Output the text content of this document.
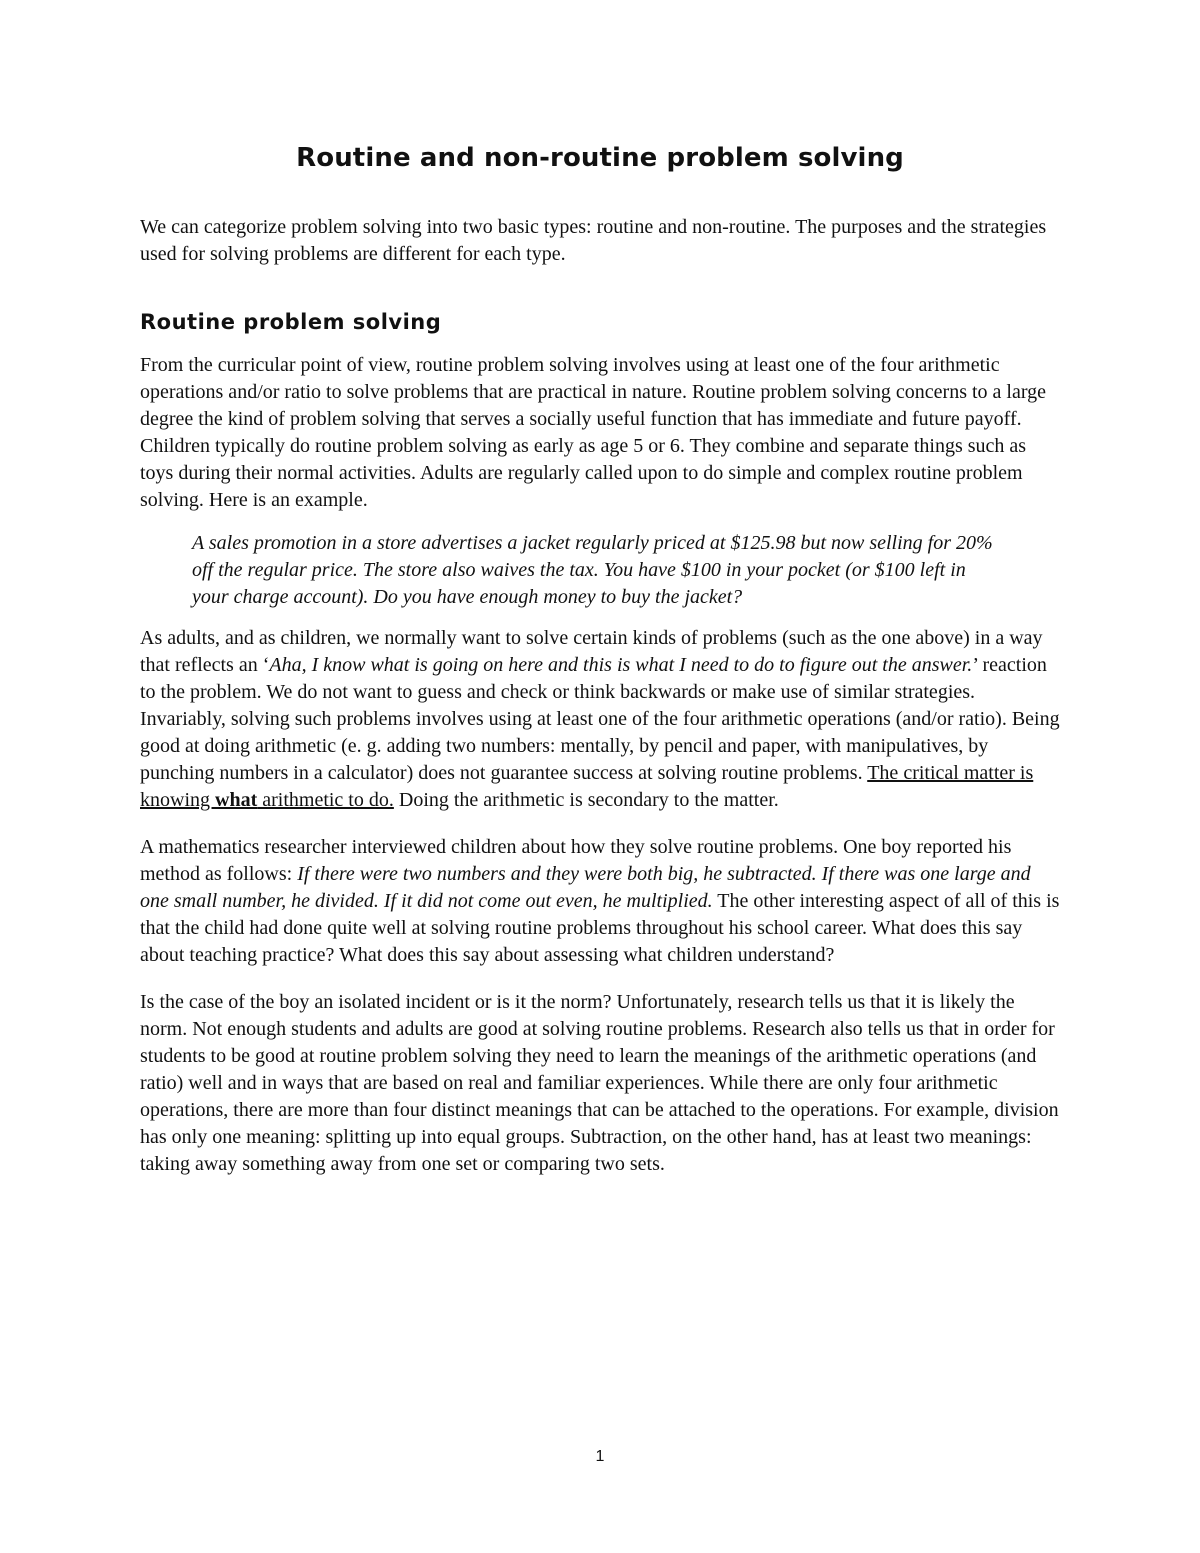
Routine and non-routine problem solving

We can categorize problem solving into two basic types: routine and non-routine. The purposes and the strategies used for solving problems are different for each type.

Routine problem solving

From the curricular point of view, routine problem solving involves using at least one of the four arithmetic operations and/or ratio to solve problems that are practical in nature. Routine problem solving concerns to a large degree the kind of problem solving that serves a socially useful function that has immediate and future payoff. Children typically do routine problem solving as early as age 5 or 6. They combine and separate things such as toys during their normal activities. Adults are regularly called upon to do simple and complex routine problem solving. Here is an example.

A sales promotion in a store advertises a jacket regularly priced at $125.98 but now selling for 20% off the regular price. The store also waives the tax. You have $100 in your pocket (or $100 left in your charge account). Do you have enough money to buy the jacket?

As adults, and as children, we normally want to solve certain kinds of problems (such as the one above) in a way that reflects an ‘Aha, I know what is going on here and this is what I need to do to figure out the answer.’ reaction to the problem. We do not want to guess and check or think backwards or make use of similar strategies. Invariably, solving such problems involves using at least one of the four arithmetic operations (and/or ratio). Being good at doing arithmetic (e. g. adding two numbers: mentally, by pencil and paper, with manipulatives, by punching numbers in a calculator) does not guarantee success at solving routine problems. The critical matter is knowing what arithmetic to do. Doing the arithmetic is secondary to the matter.

A mathematics researcher interviewed children about how they solve routine problems. One boy reported his method as follows: If there were two numbers and they were both big, he subtracted. If there was one large and one small number, he divided. If it did not come out even, he multiplied. The other interesting aspect of all of this is that the child had done quite well at solving routine problems throughout his school career. What does this say about teaching practice? What does this say about assessing what children understand?

Is the case of the boy an isolated incident or is it the norm? Unfortunately, research tells us that it is likely the norm. Not enough students and adults are good at solving routine problems. Research also tells us that in order for students to be good at routine problem solving they need to learn the meanings of the arithmetic operations (and ratio) well and in ways that are based on real and familiar experiences. While there are only four arithmetic operations, there are more than four distinct meanings that can be attached to the operations. For example, division has only one meaning: splitting up into equal groups. Subtraction, on the other hand, has at least two meanings: taking away something away from one set or comparing two sets.

1
